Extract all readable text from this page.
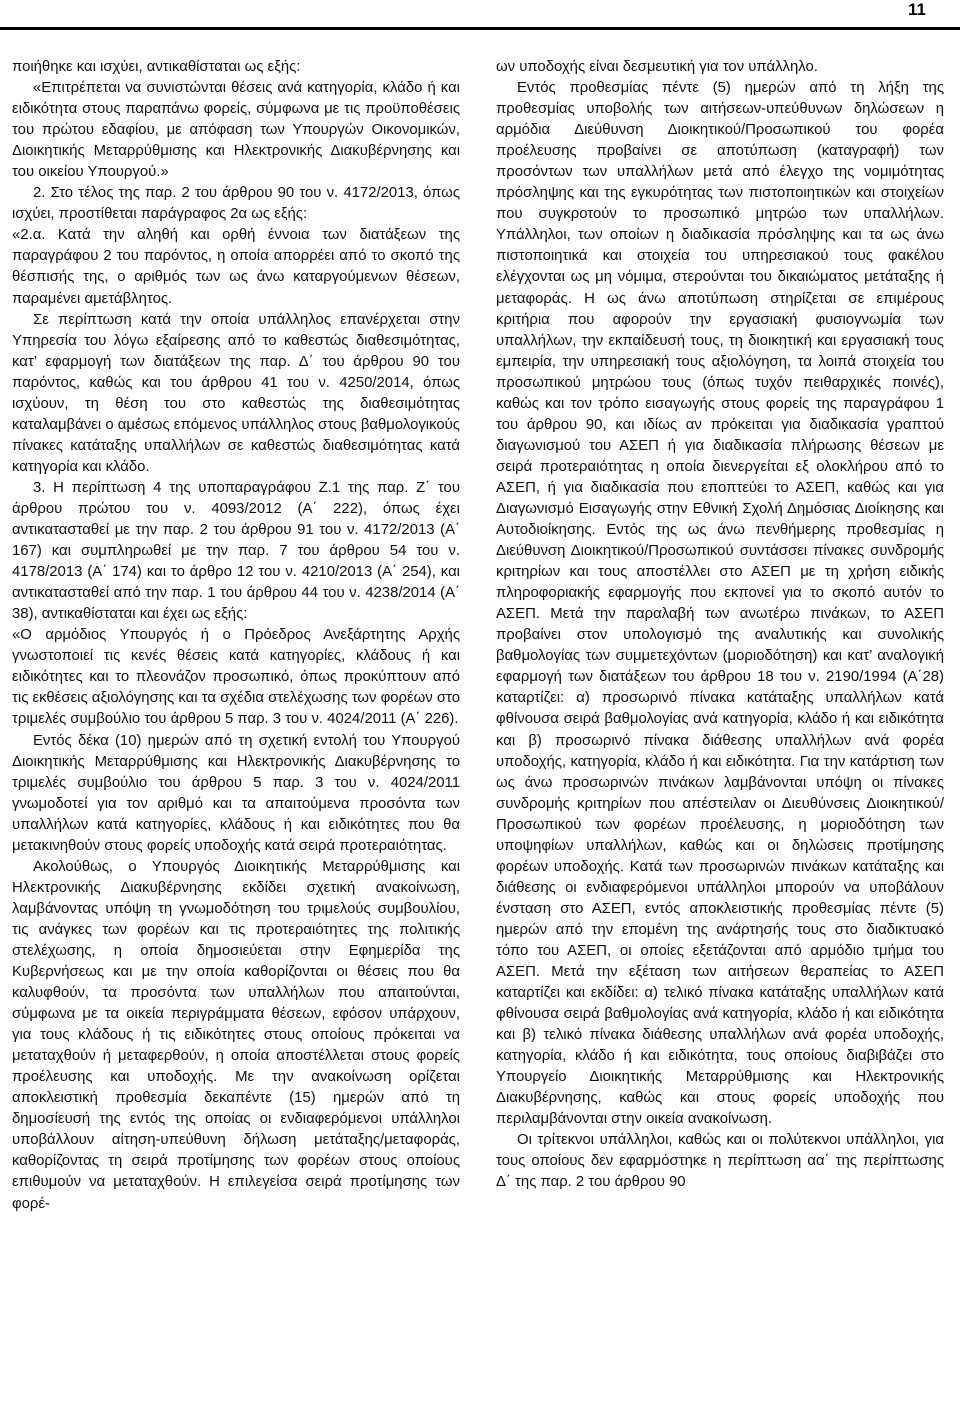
11

ποιήθηκε και ισχύει, αντικαθίσταται ως εξής:

«Επιτρέπεται να συνιστώνται θέσεις ανά κατηγορία, κλάδο ή και ειδικότητα στους παραπάνω φορείς, σύμφωνα με τις προϋποθέσεις του πρώτου εδαφίου, με απόφαση των Υπουργών Οικονομικών, Διοικητικής Μεταρρύθμισης και Ηλεκτρονικής Διακυβέρνησης και του οικείου Υπουργού.»

2. Στο τέλος της παρ. 2 του άρθρου 90 του ν. 4172/2013, όπως ισχύει, προστίθεται παράγραφος 2α ως εξής:

«2.α. Κατά την αληθή και ορθή έννοια των διατάξεων της παραγράφου 2 του παρόντος, η οποία απορρέει από το σκοπό της θέσπισής της, ο αριθμός των ως άνω καταργούμενων θέσεων, παραμένει αμετάβλητος.

Σε περίπτωση κατά την οποία υπάλληλος επανέρχεται στην Υπηρεσία του λόγω εξαίρεσης από το καθεστώς διαθεσιμότητας, κατ’ εφαρμογή των διατάξεων της παρ. Δ΄ του άρθρου 90 του παρόντος, καθώς και του άρθρου 41 του ν. 4250/2014, όπως ισχύουν, τη θέση του στο καθεστώς της διαθεσιμότητας καταλαμβάνει ο αμέσως επόμενος υπάλληλος στους βαθμολογικούς πίνακες κατάταξης υπαλλήλων σε καθεστώς διαθεσιμότητας κατά κατηγορία και κλάδο.

3. Η περίπτωση 4 της υποπαραγράφου Ζ.1 της παρ. Ζ΄ του άρθρου πρώτου του ν. 4093/2012 (Α΄ 222), όπως έχει αντικατασταθεί με την παρ. 2 του άρθρου 91 του ν. 4172/2013 (Α΄ 167) και συμπληρωθεί με την παρ. 7 του άρθρου 54 του ν. 4178/2013 (Α΄ 174) και το άρθρο 12 του ν. 4210/2013 (Α΄ 254), και αντικατασταθεί από την παρ. 1 του άρθρου 44 του ν. 4238/2014 (Α΄ 38), αντικαθίσταται και έχει ως εξής:

«Ο αρμόδιος Υπουργός ή ο Πρόεδρος Ανεξάρτητης Αρχής γνωστοποιεί τις κενές θέσεις κατά κατηγορίες, κλάδους ή και ειδικότητες και το πλεονάζον προσωπικό, όπως προκύπτουν από τις εκθέσεις αξιολόγησης και τα σχέδια στελέχωσης των φορέων στο τριμελές συμβούλιο του άρθρου 5 παρ. 3 του ν. 4024/2011 (Α΄ 226).

Εντός δέκα (10) ημερών από τη σχετική εντολή του Υπουργού Διοικητικής Μεταρρύθμισης και Ηλεκτρονικής Διακυβέρνησης το τριμελές συμβούλιο του άρθρου 5 παρ. 3 του ν. 4024/2011 γνωμοδοτεί για τον αριθμό και τα απαιτούμενα προσόντα των υπαλλήλων κατά κατηγορίες, κλάδους ή και ειδικότητες που θα μετακινηθούν στους φορείς υποδοχής κατά σειρά προτεραιότητας.

Ακολούθως, ο Υπουργός Διοικητικής Μεταρρύθμισης και Ηλεκτρονικής Διακυβέρνησης εκδίδει σχετική ανακοίνωση, λαμβάνοντας υπόψη τη γνωμοδότηση του τριμελούς συμβουλίου, τις ανάγκες των φορέων και τις προτεραιότητες της πολιτικής στελέχωσης, η οποία δημοσιεύεται στην Εφημερίδα της Κυβερνήσεως και με την οποία καθορίζονται οι θέσεις που θα καλυφθούν, τα προσόντα των υπαλλήλων που απαιτούνται, σύμφωνα με τα οικεία περιγράμματα θέσεων, εφόσον υπάρχουν, για τους κλάδους ή τις ειδικότητες στους οποίους πρόκειται να μεταταχθούν ή μεταφερθούν, η οποία αποστέλλεται στους φορείς προέλευσης και υποδοχής. Με την ανακοίνωση ορίζεται αποκλειστική προθεσμία δεκαπέντε (15) ημερών από τη δημοσίευσή της εντός της οποίας οι ενδιαφερόμενοι υπάλληλοι υποβάλλουν αίτηση-υπεύθυνη δήλωση μετάταξης/μεταφοράς, καθορίζοντας τη σειρά προτίμησης των φορέων στους οποίους επιθυμούν να μεταταχθούν. Η επιλεγείσα σειρά προτίμησης των φορέ-

ων υποδοχής είναι δεσμευτική για τον υπάλληλο.

Εντός προθεσμίας πέντε (5) ημερών από τη λήξη της προθεσμίας υποβολής των αιτήσεων-υπεύθυνων δηλώσεων η αρμόδια Διεύθυνση Διοικητικού/Προσωπικού του φορέα προέλευσης προβαίνει σε αποτύπωση (καταγραφή) των προσόντων των υπαλλήλων μετά από έλεγχο της νομιμότητας πρόσληψης και της εγκυρότητας των πιστοποιητικών και στοιχείων που συγκροτούν το προσωπικό μητρώο των υπαλλήλων. Υπάλληλοι, των οποίων η διαδικασία πρόσληψης και τα ως άνω πιστοποιητικά και στοιχεία του υπηρεσιακού τους φακέλου ελέγχονται ως μη νόμιμα, στερούνται του δικαιώματος μετάταξης ή μεταφοράς. Η ως άνω αποτύπωση στηρίζεται σε επιμέρους κριτήρια που αφορούν την εργασιακή φυσιογνωμία των υπαλλήλων, την εκπαίδευσή τους, τη διοικητική και εργασιακή τους εμπειρία, την υπηρεσιακή τους αξιολόγηση, τα λοιπά στοιχεία του προσωπικού μητρώου τους (όπως τυχόν πειθαρχικές ποινές), καθώς και τον τρόπο εισαγωγής στους φορείς της παραγράφου 1 του άρθρου 90, και ιδίως αν πρόκειται για διαδικασία γραπτού διαγωνισμού του ΑΣΕΠ ή για διαδικασία πλήρωσης θέσεων με σειρά προτεραιότητας η οποία διενεργείται εξ ολοκλήρου από το ΑΣΕΠ, ή για διαδικασία που εποπτεύει το ΑΣΕΠ, καθώς και για Διαγωνισμό Εισαγωγής στην Εθνική Σχολή Δημόσιας Διοίκησης και Αυτοδιοίκησης. Εντός της ως άνω πενθήμερης προθεσμίας η Διεύθυνση Διοικητικού/Προσωπικού συντάσσει πίνακες συνδρομής κριτηρίων και τους αποστέλλει στο ΑΣΕΠ με τη χρήση ειδικής πληροφοριακής εφαρμογής που εκπονεί για το σκοπό αυτόν το ΑΣΕΠ. Μετά την παραλαβή των ανωτέρω πινάκων, το ΑΣΕΠ προβαίνει στον υπολογισμό της αναλυτικής και συνολικής βαθμολογίας των συμμετεχόντων (μοριοδότηση) και κατ’ αναλογική εφαρμογή των διατάξεων του άρθρου 18 του ν. 2190/1994 (Α΄28) καταρτίζει: α) προσωρινό πίνακα κατάταξης υπαλλήλων κατά φθίνουσα σειρά βαθμολογίας ανά κατηγορία, κλάδο ή και ειδικότητα και β) προσωρινό πίνακα διάθεσης υπαλλήλων ανά φορέα υποδοχής, κατηγορία, κλάδο ή και ειδικότητα. Για την κατάρτιση των ως άνω προσωρινών πινάκων λαμβάνονται υπόψη οι πίνακες συνδρομής κριτηρίων που απέστειλαν οι Διευθύνσεις Διοικητικού/Προσωπικού των φορέων προέλευσης, η μοριοδότηση των υποψηφίων υπαλλήλων, καθώς και οι δηλώσεις προτίμησης φορέων υποδοχής. Κατά των προσωρινών πινάκων κατάταξης και διάθεσης οι ενδιαφερόμενοι υπάλληλοι μπορούν να υποβάλουν ένσταση στο ΑΣΕΠ, εντός αποκλειστικής προθεσμίας πέντε (5) ημερών από την επομένη της ανάρτησής τους στο διαδικτυακό τόπο του ΑΣΕΠ, οι οποίες εξετάζονται από αρμόδιο τμήμα του ΑΣΕΠ. Μετά την εξέταση των αιτήσεων θεραπείας το ΑΣΕΠ καταρτίζει και εκδίδει: α) τελικό πίνακα κατάταξης υπαλλήλων κατά φθίνουσα σειρά βαθμολογίας ανά κατηγορία, κλάδο ή και ειδικότητα και β) τελικό πίνακα διάθεσης υπαλλήλων ανά φορέα υποδοχής, κατηγορία, κλάδο ή και ειδικότητα, τους οποίους διαβιβάζει στο Υπουργείο Διοικητικής Μεταρρύθμισης και Ηλεκτρονικής Διακυβέρνησης, καθώς και στους φορείς υποδοχής που περιλαμβάνονται στην οικεία ανακοίνωση.

Οι τρίτεκνοι υπάλληλοι, καθώς και οι πολύτεκνοι υπάλληλοι, για τους οποίους δεν εφαρμόστηκε η περίπτωση αα΄ της περίπτωσης Δ΄ της παρ. 2 του άρθρου 90
